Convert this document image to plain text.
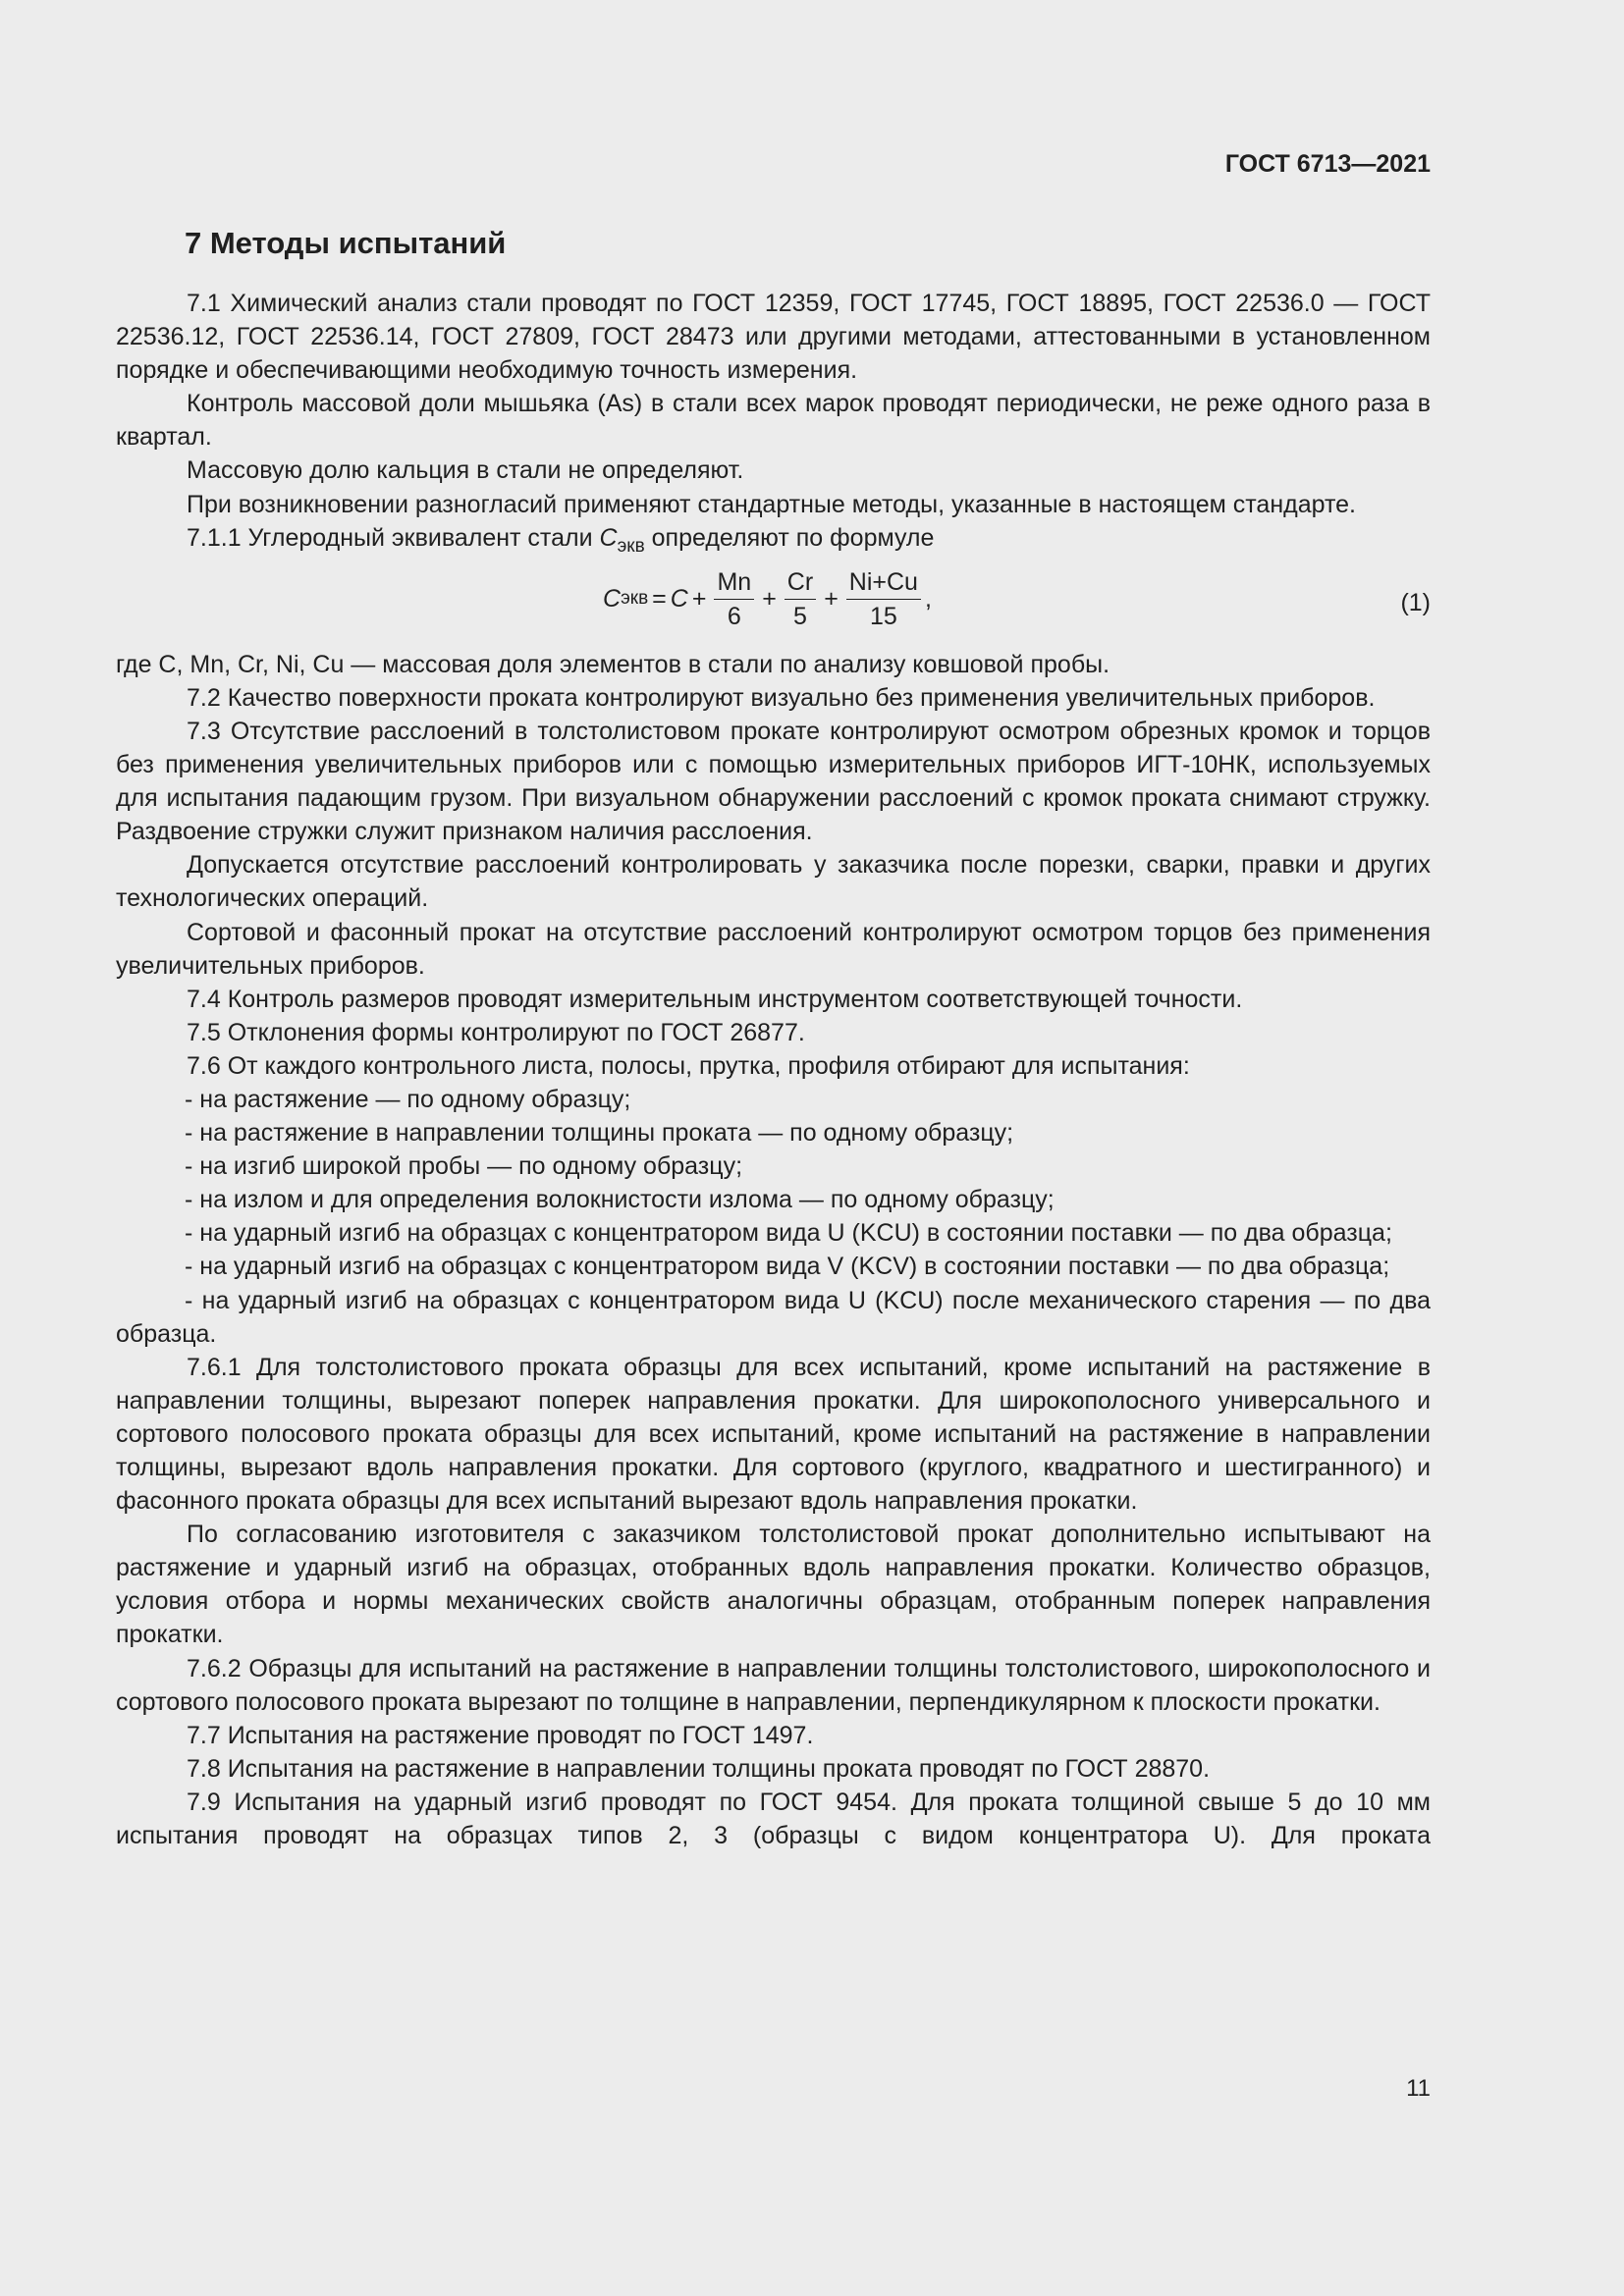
ГОСТ 6713—2021
7 Методы испытаний

7.1 Химический анализ стали проводят по ГОСТ 12359, ГОСТ 17745, ГОСТ 18895, ГОСТ 22536.0 — ГОСТ 22536.12, ГОСТ 22536.14, ГОСТ 27809, ГОСТ 28473 или другими методами, аттестованными в установленном порядке и обеспечивающими необходимую точность измерения.

Контроль массовой доли мышьяка (As) в стали всех марок проводят периодически, не реже одного раза в квартал.

Массовую долю кальция в стали не определяют.

При возникновении разногласий применяют стандартные методы, указанные в настоящем стандарте.

7.1.1 Углеродный эквивалент стали $C_{экв}$ определяют по формуле

C экв = $C + \frac{Mn}{6} + \frac{Cr}{5} + \frac{Ni+Cu}{15}$ ,	(1)

где C, Mn, Cr, Ni, Cu — массовая доля элементов в стали по анализу ковшовой пробы.

7.2 Качество поверхности проката контролируют визуально без применения увеличительных приборов.

7.3 Отсутствие расслоений в толстолистовом прокате контролируют осмотром обрезных кромок и торцов без применения увеличительных приборов или с помощью измерительных приборов ИГТ-10НК, используемых для испытания падающим грузом. При визуальном обнаружении расслоений с кромок проката снимают стружку. Раздвоение стружки служит признаком наличия расслоения.

Допускается отсутствие расслоений контролировать у заказчика после порезки, сварки, правки и других технологических операций.

Сортовой и фасонный прокат на отсутствие расслоений контролируют осмотром торцов без применения увеличительных приборов.

7.4 Контроль размеров проводят измерительным инструментом соответствующей точности.

7.5 Отклонения формы контролируют по ГОСТ 26877.

7.6 От каждого контрольного листа, полосы, прутка, профиля отбирают для испытания:

- на растяжение — по одному образцу;

- на растяжение в направлении толщины проката — по одному образцу;

- на изгиб широкой пробы — по одному образцу;

- на излом и для определения волокнистости излома — по одному образцу;

- на ударный изгиб на образцах с концентратором вида U (KCU) в состоянии поставки — по два образца;

- на ударный изгиб на образцах с концентратором вида V (KCV) в состоянии поставки — по два образца;

- на ударный изгиб на образцах с концентратором вида U (KCU) после механического старения — по два образца.

7.6.1 Для толстолистового проката образцы для всех испытаний, кроме испытаний на растяжение в направлении толщины, вырезают поперек направления прокатки. Для широкополосного универсального и сортового полосового проката образцы для всех испытаний, кроме испытаний на растяжение в направлении толщины, вырезают вдоль направления прокатки. Для сортового (круглого, квадратного и шестигранного) и фасонного проката образцы для всех испытаний вырезают вдоль направления прокатки.

По согласованию изготовителя с заказчиком толстолистовой прокат дополнительно испытывают на растяжение и ударный изгиб на образцах, отобранных вдоль направления прокатки. Количество образцов, условия отбора и нормы механических свойств аналогичны образцам, отобранным поперек направления прокатки.

7.6.2 Образцы для испытаний на растяжение в направлении толщины толстолистового, широкополосного и сортового полосового проката вырезают по толщине в направлении, перпендикулярном к плоскости прокатки.

7.7 Испытания на растяжение проводят по ГОСТ 1497.

7.8 Испытания на растяжение в направлении толщины проката проводят по ГОСТ 28870.

7.9 Испытания на ударный изгиб проводят по ГОСТ 9454. Для проката толщиной свыше 5 до 10 мм испытания проводят на образцах типов 2, 3 (образцы с видом концентратора U). Для проката

11
